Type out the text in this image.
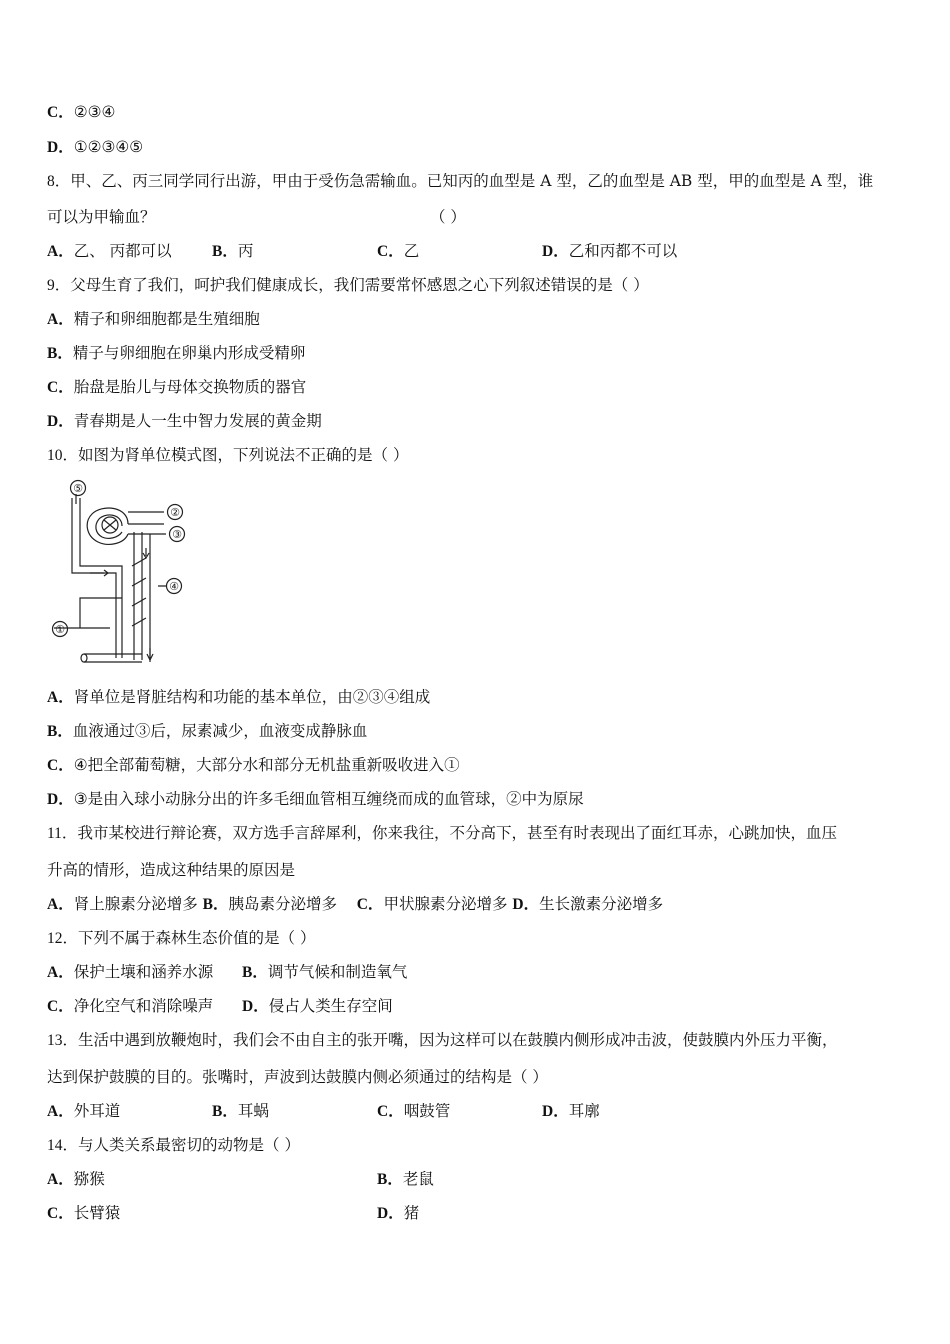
C．②③④
D．①②③④⑤
8．甲、乙、丙三同学同行出游，甲由于受伤急需输血。已知丙的血型是 A 型，乙的血型是 AB 型，甲的血型是 A 型，谁
可以为甲输血？	（ ）
A．乙、 丙都可以	B．丙	C．乙	D．乙和丙都不可以
9．父母生育了我们，呵护我们健康成长，我们需要常怀感恩之心下列叙述错误的是（ ）
A．精子和卵细胞都是生殖细胞
B．精子与卵细胞在卵巢内形成受精卵
C．胎盘是胎儿与母体交换物质的器官
D．青春期是人一生中智力发展的黄金期
10．如图为肾单位模式图，下列说法不正确的是（ ）
⑤
②
③
④
①
A．肾单位是肾脏结构和功能的基本单位，由②③④组成
B．血液通过③后，尿素减少，血液变成静脉血
C．④把全部葡萄糖，大部分水和部分无机盐重新吸收进入①
D．③是由入球小动脉分出的许多毛细血管相互缠绕而成的血管球，②中为原尿
11．我市某校进行辩论赛，双方选手言辞犀利，你来我往，不分高下，甚至有时表现出了面红耳赤，心跳加快，血压
升高的情形，造成这种结果的原因是
A．肾上腺素分泌增多 B．胰岛素分泌增多 C．甲状腺素分泌增多 D．生长激素分泌增多
12．下列不属于森林生态价值的是（ ）
A．保护土壤和涵养水源 B．调节气候和制造氧气
C．净化空气和消除噪声 D．侵占人类生存空间
13．生活中遇到放鞭炮时，我们会不由自主的张开嘴，因为这样可以在鼓膜内侧形成冲击波，使鼓膜内外压力平衡，
达到保护鼓膜的目的。张嘴时，声波到达鼓膜内侧必须通过的结构是（ ）
A．外耳道	B．耳蜗	C．咽鼓管	D．耳廓
14．与人类关系最密切的动物是（ ）
A．猕猴	B．老鼠
C．长臂猿	D．猪
